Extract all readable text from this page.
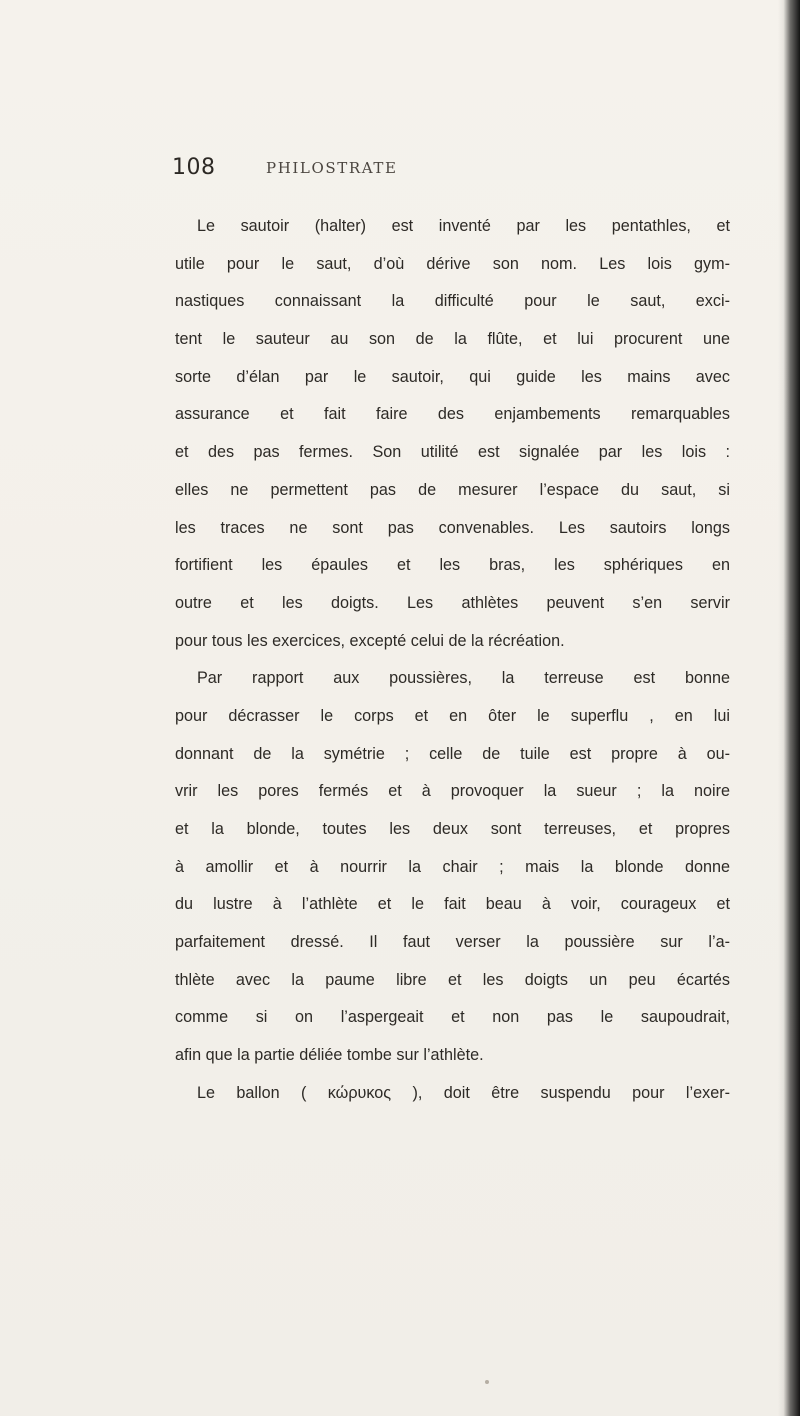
108	PHILOSTRATE
Le sautoir (halter) est inventé par les pentathles, et
utile pour le saut, d’où dérive son nom. Les lois gym-
nastiques connaissant la difficulté pour le saut, exci-
tent le sauteur au son de la flûte, et lui procurent une
sorte d’élan par le sautoir, qui guide les mains avec
assurance et fait faire des enjambements remarquables
et des pas fermes. Son utilité est signalée par les lois :
elles ne permettent pas de mesurer l’espace du saut, si
les traces ne sont pas convenables. Les sautoirs longs
fortifient les épaules et les bras, les sphériques en
outre et les doigts. Les athlètes peuvent s’en servir
pour tous les exercices, excepté celui de la récréation.
Par rapport aux poussières, la terreuse est bonne
pour décrasser le corps et en ôter le superflu , en lui
donnant de la symétrie ; celle de tuile est propre à ou-
vrir les pores fermés et à provoquer la sueur ; la noire
et la blonde, toutes les deux sont terreuses, et propres
à amollir et à nourrir la chair ; mais la blonde donne
du lustre à l’athlète et le fait beau à voir, courageux et
parfaitement dressé. Il faut verser la poussière sur l’a-
thlète avec la paume libre et les doigts un peu écartés
comme si on l’aspergeait et non pas le saupoudrait,
afin que la partie déliée tombe sur l’athlète.
Le ballon ( κώρυκος ), doit être suspendu pour l’exer-
